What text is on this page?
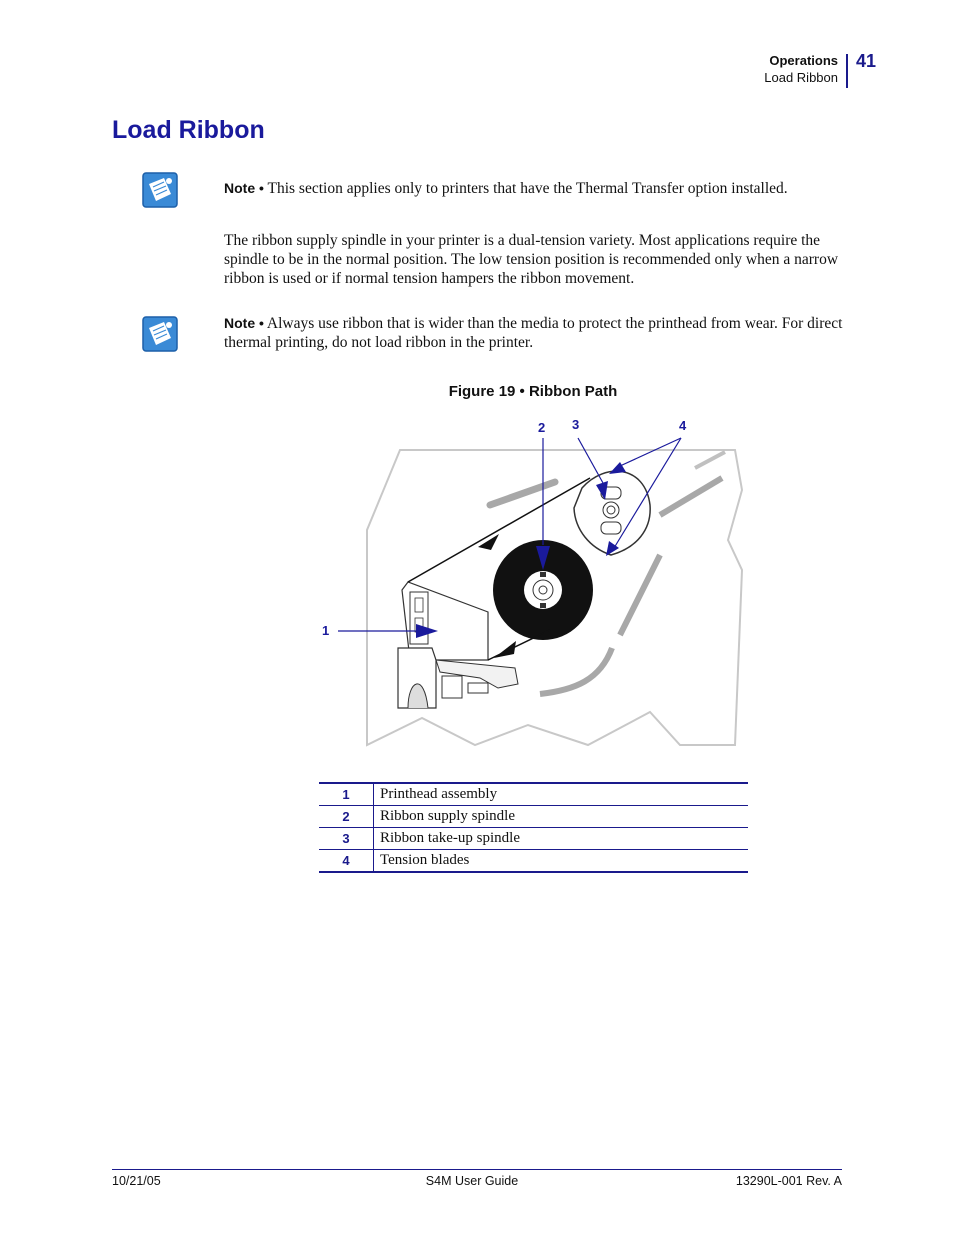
Operations
Load Ribbon
41
Load Ribbon
Note • This section applies only to printers that have the Thermal Transfer option installed.
The ribbon supply spindle in your printer is a dual-tension variety. Most applications require the spindle to be in the normal position. The low tension position is recommended only when a narrow ribbon is used or if normal tension hampers the ribbon movement.
Note • Always use ribbon that is wider than the media to protect the printhead from wear. For direct thermal printing, do not load ribbon in the printer.
Figure 19 • Ribbon Path
1
2 3	4
1	Printhead assembly
2	Ribbon supply spindle
3	Ribbon take-up spindle
4	Tension blades
10/21/05	S4M User Guide	13290L-001 Rev. A
